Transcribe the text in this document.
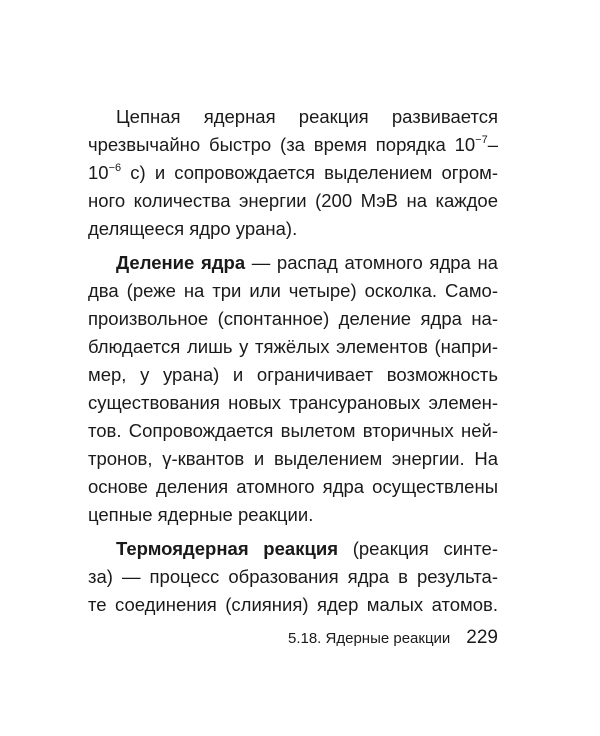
Цепная ядерная реакция развивается
чрезвычайно быстро (за время порядка $10^{-7}-$
$10^{-6}$ с) и сопровождается выделением огром-
ного количества энергии (200 МэВ на каждое
делящееся ядро урана).
Деление ядра — распад атомного ядра на
два (реже на три или четыре) осколка. Само-
произвольное (спонтанное) деление ядра на-
блюдается лишь у тяжёлых элементов (напри-
мер, у урана) и ограничивает возможность
существования новых трансурановых элемен-
тов. Сопровождается вылетом вторичных ней-
тронов, γ-квантов и выделением энергии. На
основе деления атомного ядра осуществлены
цепные ядерные реакции.
Термоядерная реакция (реакция синте-
за) — процесс образования ядра в результа-
те соединения (слияния) ядер малых атомов.
5.18. Ядерные реакции 229
